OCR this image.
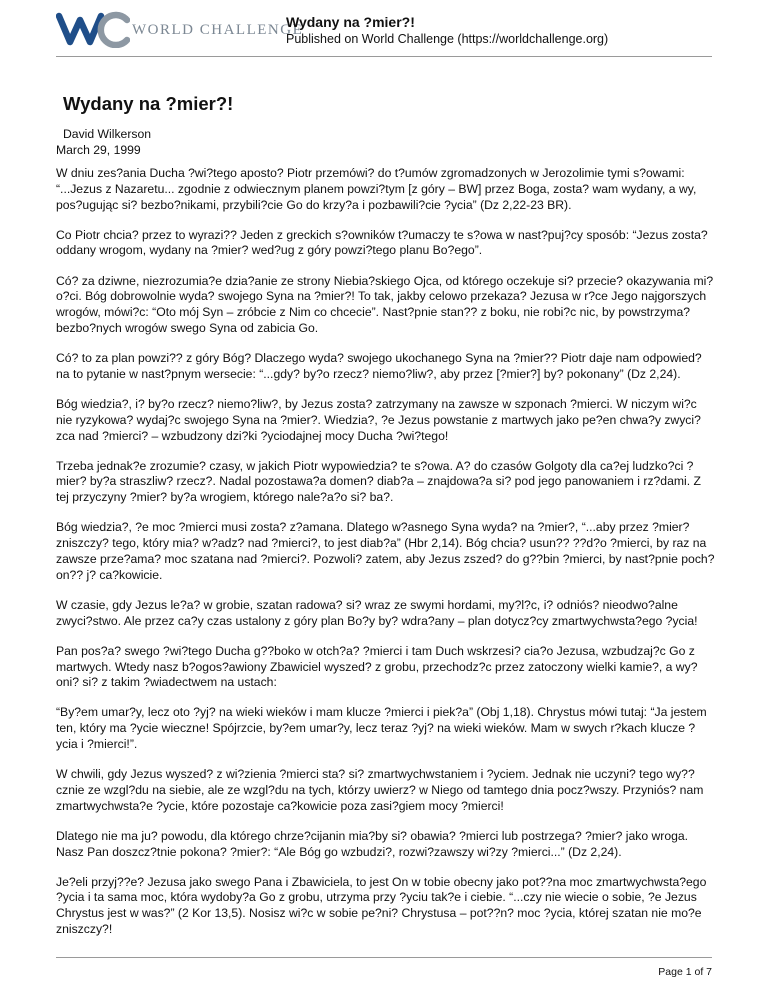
WORLD CHALLENGE
Wydany na ?mier?!
Published on World Challenge (https://worldchallenge.org)
Wydany na ?mier?!
David Wilkerson
March 29, 1999

W dniu zes?ania Ducha ?wi?tego aposto? Piotr przemówi? do t?umów zgromadzonych w Jerozolimie tymi s?owami: “...Jezus z Nazaretu... zgodnie z odwiecznym planem powzi?tym [z góry – BW] przez Boga, zosta? wam wydany, a wy, pos?ugując si? bezbo?nikami, przybili?cie Go do krzy?a i pozbawili?cie ?ycia” (Dz 2,22-23 BR).

Co Piotr chcia? przez to wyrazi?? Jeden z greckich s?owników t?umaczy te s?owa w nast?puj?cy sposób: “Jezus zosta? oddany wrogom, wydany na ?mier? wed?ug z góry powzi?tego planu Bo?ego”.

Có? za dziwne, niezrozumia?e dzia?anie ze strony Niebia?skiego Ojca, od którego oczekuje si? przecie? okazywania mi?o?ci. Bóg dobrowolnie wyda? swojego Syna na ?mier?! To tak, jakby celowo przekaza? Jezusa w r?ce Jego najgorszych wrogów, mówi?c: “Oto mój Syn – zróbcie z Nim co chcecie”. Nast?pnie stan?? z boku, nie robi?c nic, by powstrzyma? bezbo?nych wrogów swego Syna od zabicia Go.

Có? to za plan powzi?? z góry Bóg? Dlaczego wyda? swojego ukochanego Syna na ?mier?? Piotr daje nam odpowied? na to pytanie w nast?pnym wersecie: “...gdy? by?o rzecz? niemo?liw?, aby przez [?mier?] by? pokonany” (Dz 2,24).

Bóg wiedzia?, i? by?o rzecz? niemo?liw?, by Jezus zosta? zatrzymany na zawsze w szponach ?mierci. W niczym wi?c nie ryzykowa? wydaj?c swojego Syna na ?mier?. Wiedzia?, ?e Jezus powstanie z martwych jako pe?en chwa?y zwyci?zca nad ?mierci? – wzbudzony dzi?ki ?yciodajnej mocy Ducha ?wi?tego!

Trzeba jednak?e zrozumie? czasy, w jakich Piotr wypowiedzia? te s?owa. A? do czasów Golgoty dla ca?ej ludzko?ci ?mier? by?a straszliw? rzecz?. Nadal pozostawa?a domen? diab?a – znajdowa?a si? pod jego panowaniem i rz?dami. Z tej przyczyny ?mier? by?a wrogiem, którego nale?a?o si? ba?.

Bóg wiedzia?, ?e moc ?mierci musi zosta? z?amana. Dlatego w?asnego Syna wyda? na ?mier?, “...aby przez ?mier? zniszczy? tego, który mia? w?adz? nad ?mierci?, to jest diab?a” (Hbr 2,14). Bóg chcia? usun?? ??d?o ?mierci, by raz na zawsze prze?ama? moc szatana nad ?mierci?. Pozwoli? zatem, aby Jezus zszed? do g??bin ?mierci, by nast?pnie poch?on?? j? ca?kowicie.

W czasie, gdy Jezus le?a? w grobie, szatan radowa? si? wraz ze swymi hordami, my?l?c, i? odniós? nieodwo?alne zwyci?stwo. Ale przez ca?y czas ustalony z góry plan Bo?y by? wdra?any – plan dotycz?cy zmartwychwsta?ego ?ycia!

Pan pos?a? swego ?wi?tego Ducha g??boko w otch?a? ?mierci i tam Duch wskrzesi? cia?o Jezusa, wzbudzaj?c Go z martwych. Wtedy nasz b?ogos?awiony Zbawiciel wyszed? z grobu, przechodz?c przez zatoczony wielki kamie?, a wy?oni? si? z takim ?wiadectwem na ustach:

“By?em umar?y, lecz oto ?yj? na wieki wieków i mam klucze ?mierci i piek?a” (Obj 1,18). Chrystus mówi tutaj: “Ja jestem ten, który ma ?ycie wieczne! Spójrzcie, by?em umar?y, lecz teraz ?yj? na wieki wieków. Mam w swych r?kach klucze ?ycia i ?mierci!”.

W chwili, gdy Jezus wyszed? z wi?zienia ?mierci sta? si? zmartwychwstaniem i ?yciem. Jednak nie uczyni? tego wy??cznie ze wzgl?du na siebie, ale ze wzgl?du na tych, którzy uwierz? w Niego od tamtego dnia pocz?wszy. Przyniós? nam zmartwychwsta?e ?ycie, które pozostaje ca?kowicie poza zasi?giem mocy ?mierci!

Dlatego nie ma ju? powodu, dla którego chrze?cijanin mia?by si? obawia? ?mierci lub postrzega? ?mier? jako wroga. Nasz Pan doszcz?tnie pokona? ?mier?: “Ale Bóg go wzbudzi?, rozwi?zawszy wi?zy ?mierci...” (Dz 2,24).

Je?eli przyj??e? Jezusa jako swego Pana i Zbawiciela, to jest On w tobie obecny jako pot??na moc zmartwychwsta?ego ?ycia i ta sama moc, która wydoby?a Go z grobu, utrzyma przy ?yciu tak?e i ciebie. “...czy nie wiecie o sobie, ?e Jezus Chrystus jest w was?” (2 Kor 13,5). Nosisz wi?c w sobie pe?ni? Chrystusa – pot??n? moc ?ycia, której szatan nie mo?e zniszczy?!

Page 1 of 7
